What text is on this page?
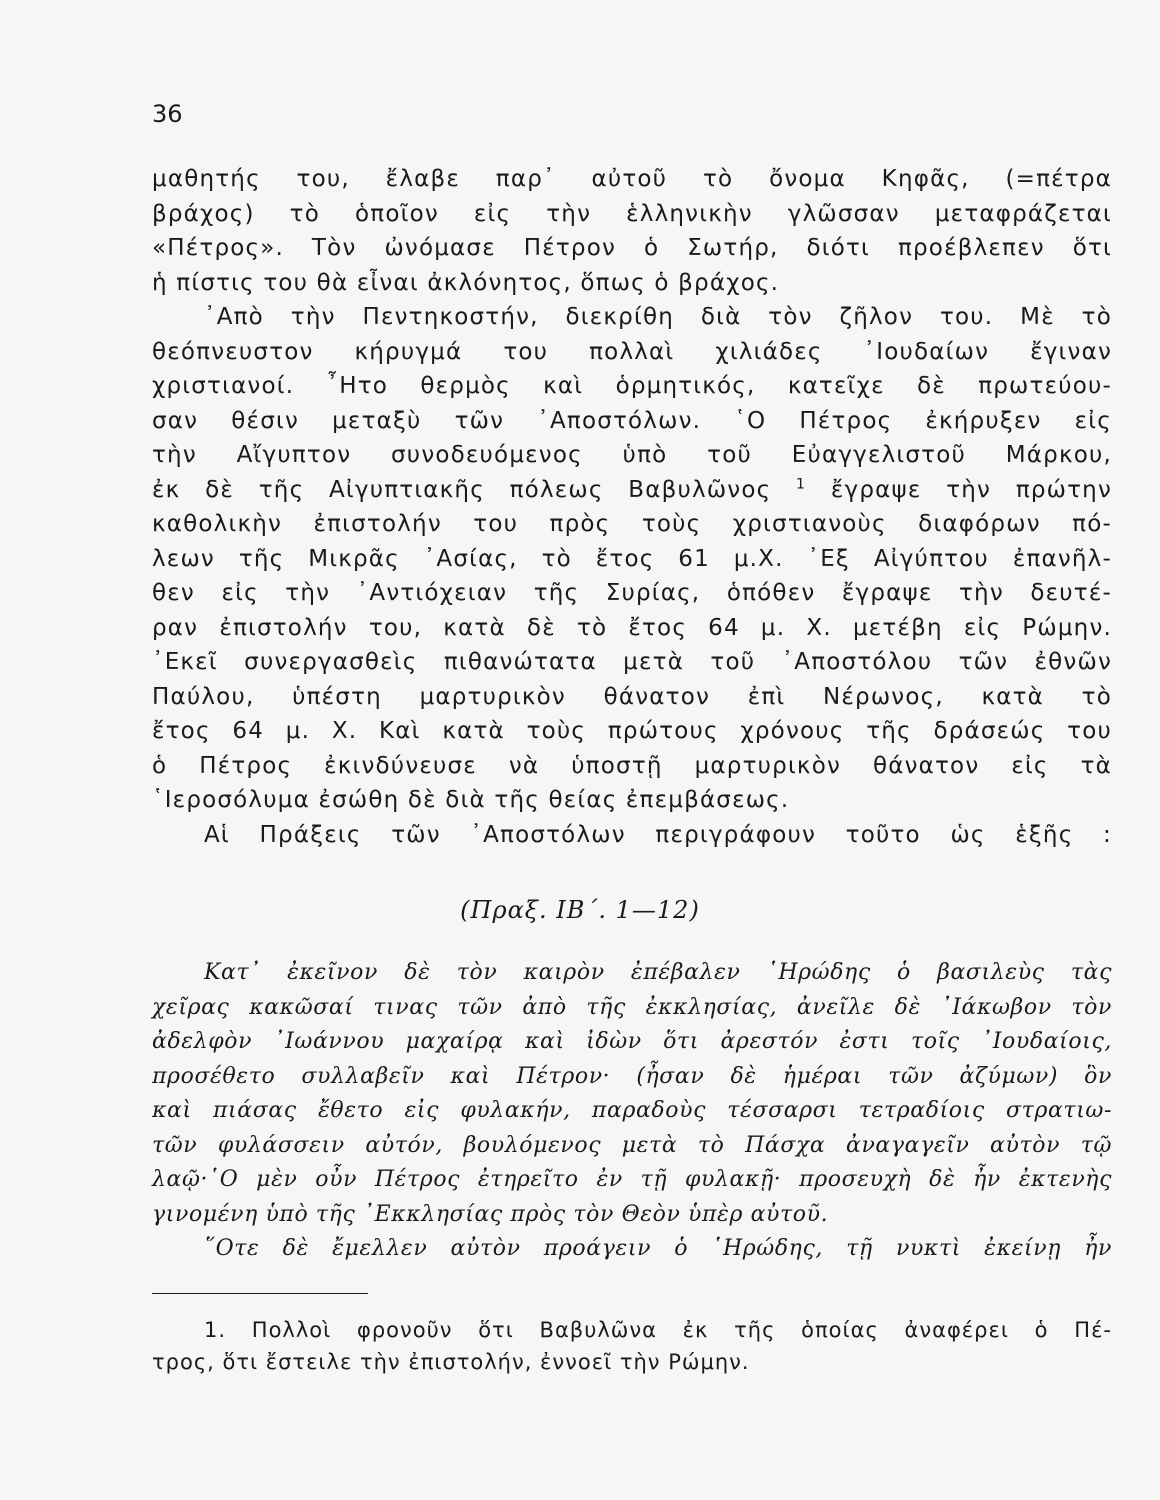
36
μαθητής του, ἔλαβε παρ᾽ αὐτοῦ τὸ ὄνομα Κηφᾶς, (=πέτρα
βράχος) τὸ ὁποῖον εἰς τὴν ἑλληνικὴν γλῶσσαν μεταφράζεται
«Πέτρος». Τὸν ὠνόμασε Πέτρον ὁ Σωτήρ, διότι προέβλεπεν ὅτι
ἡ πίστις του θὰ εἶναι ἀκλόνητος, ὅπως ὁ βράχος.
᾽Απὸ τὴν Πεντηκοστήν, διεκρίθη διὰ τὸν ζῆλον του. Μὲ τὸ
θεόπνευστον κήρυγμά του πολλαὶ χιλιάδες ᾽Ιουδαίων ἔγιναν
χριστιανοί. ῏Ητο θερμὸς καὶ ὁρμητικός, κατεῖχε δὲ πρωτεύου-
σαν θέσιν μεταξὺ τῶν ᾽Αποστόλων. ῾Ο Πέτρος ἐκήρυξεν εἰς
τὴν Αἴγυπτον συνοδευόμενος ὑπὸ τοῦ Εὐαγγελιστοῦ Μάρκου,
ἐκ δὲ τῆς Αἰγυπτιακῆς πόλεως Βαβυλῶνος $^1$ ἔγραψε τὴν πρώτην
καθολικὴν ἐπιστολήν του πρὸς τοὺς χριστιανοὺς διαφόρων πό-
λεων τῆς Μικρᾶς ᾽Ασίας, τὸ ἔτος 61 μ.Χ. ᾽Εξ Αἰγύπτου ἐπανῆλ-
θεν εἰς τὴν ᾽Αντιόχειαν τῆς Συρίας, ὁπόθεν ἔγραψε τὴν δευτέ-
ραν ἐπιστολήν του, κατὰ δὲ τὸ ἔτος 64 μ. Χ. μετέβη εἰς Ρώμην.
᾽Εκεῖ συνεργασθεὶς πιθανώτατα μετὰ τοῦ ᾽Αποστόλου τῶν ἐθνῶν
Παύλου, ὑπέστη μαρτυρικὸν θάνατον ἐπὶ Νέρωνος, κατὰ τὸ
ἔτος 64 μ. Χ. Καὶ κατὰ τοὺς πρώτους χρόνους τῆς δράσεώς του
ὁ Πέτρος ἐκινδύνευσε νὰ ὑποστῇ μαρτυρικὸν θάνατον εἰς τὰ
῾Ιεροσόλυμα ἐσώθη δὲ διὰ τῆς θείας ἐπεμβάσεως.
Αἱ Πράξεις τῶν ᾽Αποστόλων περιγράφουν τοῦτο ὡς ἑξῆς :
(Πραξ. ΙΒ΄. 1—12)
Κατ᾽ ἐκεῖνον δὲ τὸν καιρὸν ἐπέβαλεν ῾Ηρώδης ὁ βασιλεὺς τὰς
χεῖρας κακῶσαί τινας τῶν ἀπὸ τῆς ἐκκλησίας, ἀνεῖλε δὲ ᾽Ιάκωβον τὸν
ἀδελφὸν ᾽Ιωάννου μαχαίρᾳ καὶ ἰδὼν ὅτι ἀρεστόν ἐστι τοῖς ᾽Ιουδαίοις,
προσέθετο συλλαβεῖν καὶ Πέτρον· (ἦσαν δὲ ἡμέραι τῶν ἀζύμων) ὃν
καὶ πιάσας ἔθετο εἰς φυλακήν, παραδοὺς τέσσαρσι τετραδίοις στρατιω-
τῶν φυλάσσειν αὐτόν, βουλόμενος μετὰ τὸ Πάσχα ἀναγαγεῖν αὐτὸν τῷ
λαῷ·῾Ο μὲν οὖν Πέτρος ἐτηρεῖτο ἐν τῇ φυλακῇ· προσευχὴ δὲ ἦν ἐκτενὴς
γινομένη ὑπὸ τῆς ᾽Εκκλησίας πρὸς τὸν Θεὸν ὑπὲρ αὐτοῦ.
῞Οτε δὲ ἔμελλεν αὐτὸν προάγειν ὁ ῾Ηρώδης, τῇ νυκτὶ ἐκείνῃ ἦν
1. Πολλοὶ φρονοῦν ὅτι Βαβυλῶνα ἐκ τῆς ὁποίας ἀναφέρει ὁ Πέ-
τρος, ὅτι ἔστειλε τὴν ἐπιστολήν, ἐννοεῖ τὴν Ρώμην.
